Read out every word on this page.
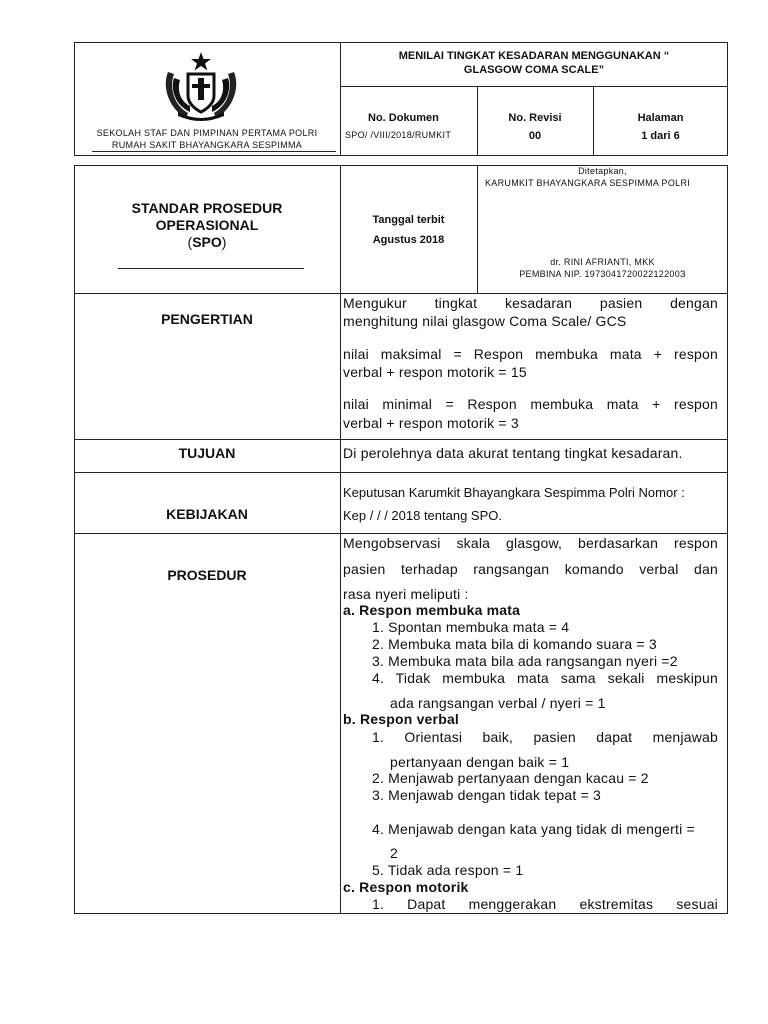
SEKOLAH STAF DAN PIMPINAN PERTAMA POLRI
RUMAH SAKIT BHAYANGKARA SESPIMMA
MENILAI TINGKAT KESADARAN MENGGUNAKAN “
GLASGOW COMA SCALE”
No. Dokumen
SPO/ /VIII/2018/RUMKIT
No. Revisi
00
Halaman
1 dari 6
STANDAR PROSEDUR
OPERASIONAL
(SPO)
Tanggal terbit
Agustus 2018
Ditetapkan,
KARUMKIT BHAYANGKARA SESPIMMA POLRI
dr. RINI AFRIANTI, MKK
PEMBINA NIP. 197304172002212200З
PENGERTIAN
Mengukur tingkat kesadaran pasien dengan
menghitung nilai glasgow Coma Scale/ GCS
nilai maksimal = Respon membuka mata + respon
verbal + respon motorik = 15
nilai minimal = Respon membuka mata + respon
verbal + respon motorik = 3
TUJUAN	Di perolehnya data akurat tentang tingkat kesadaran.
KEBIJAKAN
Keputusan Karumkit Bhayangkara Sespimma Polri Nomor :
Kep / / / 2018 tentang SPO.
PROSEDUR
Mengobservasi skala glasgow, berdasarkan respon
pasien terhadap rangsangan komando verbal dan
rasa nyeri meliputi :
a. Respon membuka mata
1. Spontan membuka mata = 4
2. Membuka mata bila di komando suara = 3
3. Membuka mata bila ada rangsangan nyeri =2
4. Tidak membuka mata sama sekali meskipun
ada rangsangan verbal / nyeri = 1
b. Respon verbal
1. Orientasi baik, pasien dapat menjawab
pertanyaan dengan baik = 1
2. Menjawab pertanyaan dengan kacau = 2
3. Menjawab dengan tidak tepat = 3
4. Menjawab dengan kata yang tidak di mengerti =
2
5. Tidak ada respon = 1
c. Respon motorik
1. Dapat menggerakan ekstremitas sesuai
